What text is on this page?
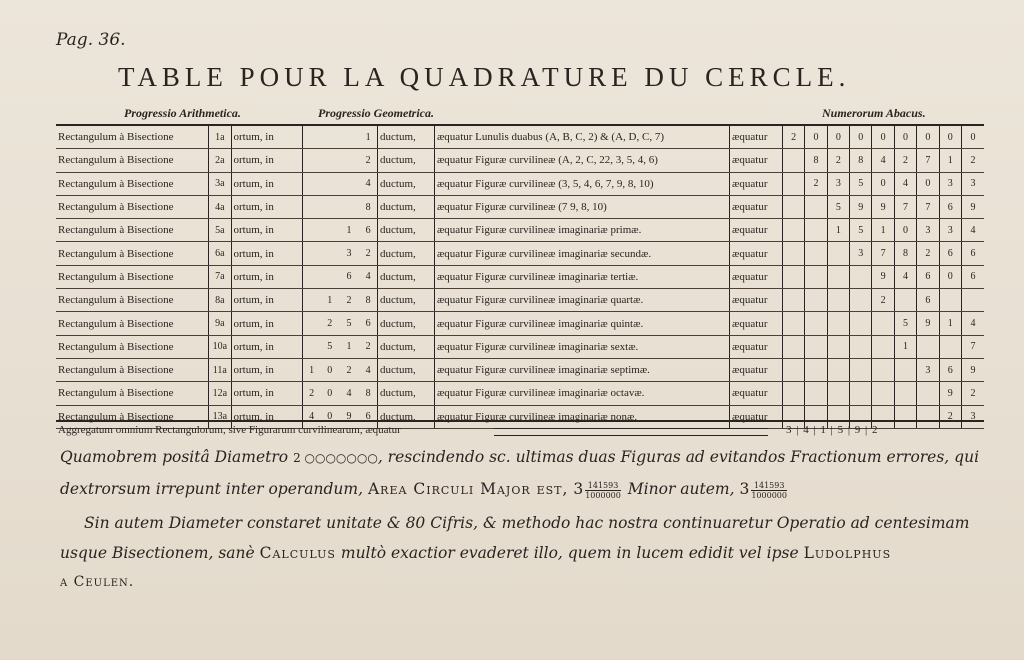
Pag. 36.
TABLE POUR LA QUADRATURE DU CERCLE.
Progressio Arithmetica.	Progressio Geometrica.	Numerorum Abacus.
Rectangulum à Bisectione	1a	ortum, in				1	ductum,	æquatur Lunulis duabus (A, B, C, 2) & (A, D, C, 7)	æquatur	2	0	0	0	0	0	0	0	0
Rectangulum à Bisectione	2a	ortum, in				2	ductum,	æquatur Figuræ curvilineæ (A, 2, C, 22, 3, 5, 4, 6)	æquatur		8	2	8	4	2	7	1	2
Rectangulum à Bisectione	3a	ortum, in				4	ductum,	æquatur Figuræ curvilineæ (3, 5, 4, 6, 7, 9, 8, 10)	æquatur		2	3	5	0	4	0	3	3
Rectangulum à Bisectione	4a	ortum, in				8	ductum,	æquatur Figuræ curvilineæ (7 9, 8, 10)	æquatur			5	9	9	7	7	6	9
Rectangulum à Bisectione	5a	ortum, in			1	6	ductum,	æquatur Figuræ curvilineæ imaginariæ primæ.	æquatur			1	5	1	0	3	3	4
Rectangulum à Bisectione	6a	ortum, in			3	2	ductum,	æquatur Figuræ curvilineæ imaginariæ secundæ.	æquatur				3	7	8	2	6	6
Rectangulum à Bisectione	7a	ortum, in			6	4	ductum,	æquatur Figuræ curvilineæ imaginariæ tertiæ.	æquatur					9	4	6	0	6
Rectangulum à Bisectione	8a	ortum, in		1	2	8	ductum,	æquatur Figuræ curvilineæ imaginariæ quartæ.	æquatur					2		6		
Rectangulum à Bisectione	9a	ortum, in		2	5	6	ductum,	æquatur Figuræ curvilineæ imaginariæ quintæ.	æquatur						5	9	1	4
Rectangulum à Bisectione	10a	ortum, in		5	1	2	ductum,	æquatur Figuræ curvilineæ imaginariæ sextæ.	æquatur						1			7
Rectangulum à Bisectione	11a	ortum, in	1	0	2	4	ductum,	æquatur Figuræ curvilineæ imaginariæ septimæ.	æquatur							3	6	9
Rectangulum à Bisectione	12a	ortum, in	2	0	4	8	ductum,	æquatur Figuræ curvilineæ imaginariæ octavæ.	æquatur								9	2
Rectangulum à Bisectione	13a	ortum, in	4	0	9	6	ductum,	æquatur Figuræ curvilineæ imaginariæ nonæ.	æquatur								2	3
Aggregatum omnium Rectangulorum, sive Figurarum curvilinearum, æquatur	3 | 4 | 1 | 5 | 9 | 2
Quamobrem positâ Diametro 2 ○○○○○○○, rescindendo sc. ultimas duas Figuras ad evitandos Fractionum errores, qui
dextrorsum irrepunt inter operandum, Area Circuli Major est, $3 \frac{141593}{1000000}$ Minor autem, $3 \frac{141593}{1000000}$
Sin autem Diameter constaret unitate & 80 Cifris, & methodo hac nostra continuaretur Operatio ad centesimam
usque Bisectionem, sanè Calculus multò exactior evaderet illo, quem in lucem edidit vel ipse Ludolphus
a Ceulen.
